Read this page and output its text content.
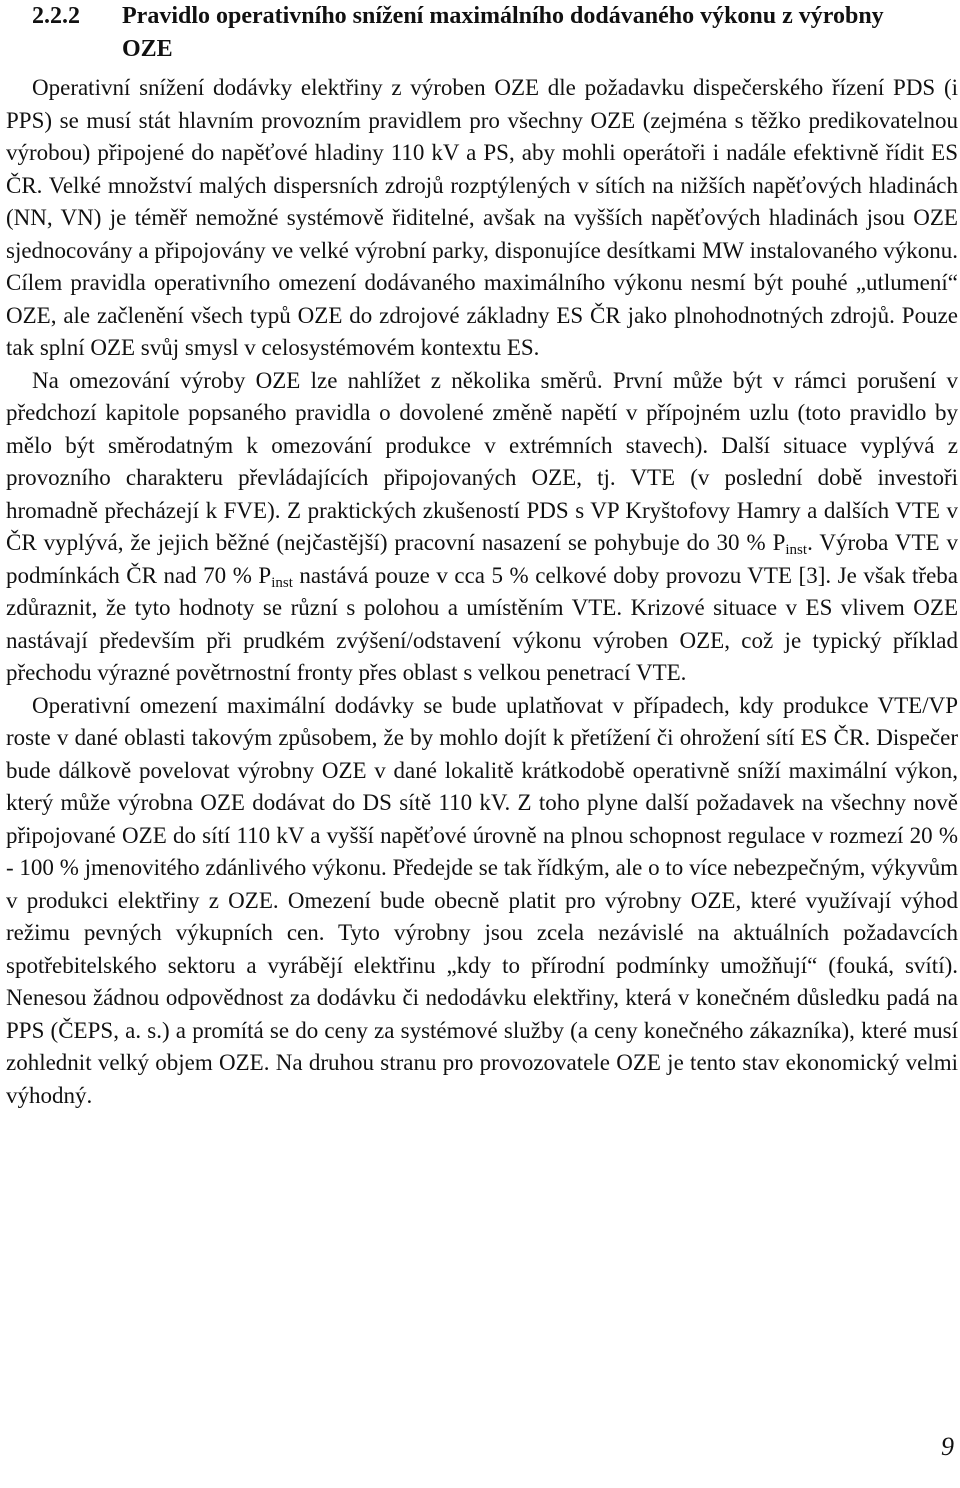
2.2.2	Pravidlo operativního snížení maximálního dodávaného výkonu z výrobny OZE

Operativní snížení dodávky elektřiny z výroben OZE dle požadavku dispečerského řízení PDS (i PPS) se musí stát hlavním provozním pravidlem pro všechny OZE (zejména s těžko predikovatelnou výrobou) připojené do napěťové hladiny 110 kV a PS, aby mohli operátoři i nadále efektivně řídit ES ČR. Velké množství malých dispersních zdrojů rozptýlených v sítích na nižších napěťových hladinách (NN, VN) je téměř nemožné systémově řiditelné, avšak na vyšších napěťových hladinách jsou OZE sjednocovány a připojovány ve velké výrobní parky, disponujíce desítkami MW instalovaného výkonu. Cílem pravidla operativního omezení dodávaného maximálního výkonu nesmí být pouhé „utlumení“ OZE, ale začlenění všech typů OZE do zdrojové základny ES ČR jako plnohodnotných zdrojů. Pouze tak splní OZE svůj smysl v celosystémovém kontextu ES.

Na omezování výroby OZE lze nahlížet z několika směrů. První může být v rámci porušení v předchozí kapitole popsaného pravidla o dovolené změně napětí v přípojném uzlu (toto pravidlo by mělo být směrodatným k omezování produkce v extrémních stavech). Další situace vyplývá z provozního charakteru převládajících připojovaných OZE, tj. VTE (v poslední době investoři hromadně přecházejí k FVE). Z praktických zkušeností PDS s VP Kryštofovy Hamry a dalších VTE v ČR vyplývá, že jejich běžné (nejčastější) pracovní nasazení se pohybuje do 30 % $P_{inst}$. Výroba VTE v podmínkách ČR nad 70 % $P_{inst}$ nastává pouze v cca 5 % celkové doby provozu VTE [3]. Je však třeba zdůraznit, že tyto hodnoty se různí s polohou a umístěním VTE. Krizové situace v ES vlivem OZE nastávají především při prudkém zvýšení/odstavení výkonu výroben OZE, což je typický příklad přechodu výrazné povětrnostní fronty přes oblast s velkou penetrací VTE.

Operativní omezení maximální dodávky se bude uplatňovat v případech, kdy produkce VTE/VP roste v dané oblasti takovým způsobem, že by mohlo dojít k přetížení či ohrožení sítí ES ČR. Dispečer bude dálkově povelovat výrobny OZE v dané lokalitě krátkodobě operativně sníží maximální výkon, který může výrobna OZE dodávat do DS sítě 110 kV. Z toho plyne další požadavek na všechny nově připojované OZE do sítí 110 kV a vyšší napěťové úrovně na plnou schopnost regulace v rozmezí 20 % - 100 % jmenovitého zdánlivého výkonu. Předejde se tak řídkým, ale o to více nebezpečným, výkyvům v produkci elektřiny z OZE. Omezení bude obecně platit pro výrobny OZE, které využívají výhod režimu pevných výkupních cen. Tyto výrobny jsou zcela nezávislé na aktuálních požadavcích spotřebitelského sektoru a vyrábějí elektřinu „kdy to přírodní podmínky umožňují“ (fouká, svítí). Nenesou žádnou odpovědnost za dodávku či nedodávku elektřiny, která v konečném důsledku padá na PPS (ČEPS, a. s.) a promítá se do ceny za systémové služby (a ceny konečného zákazníka), které musí zohlednit velký objem OZE. Na druhou stranu pro provozovatele OZE je tento stav ekonomický velmi výhodný.

9
